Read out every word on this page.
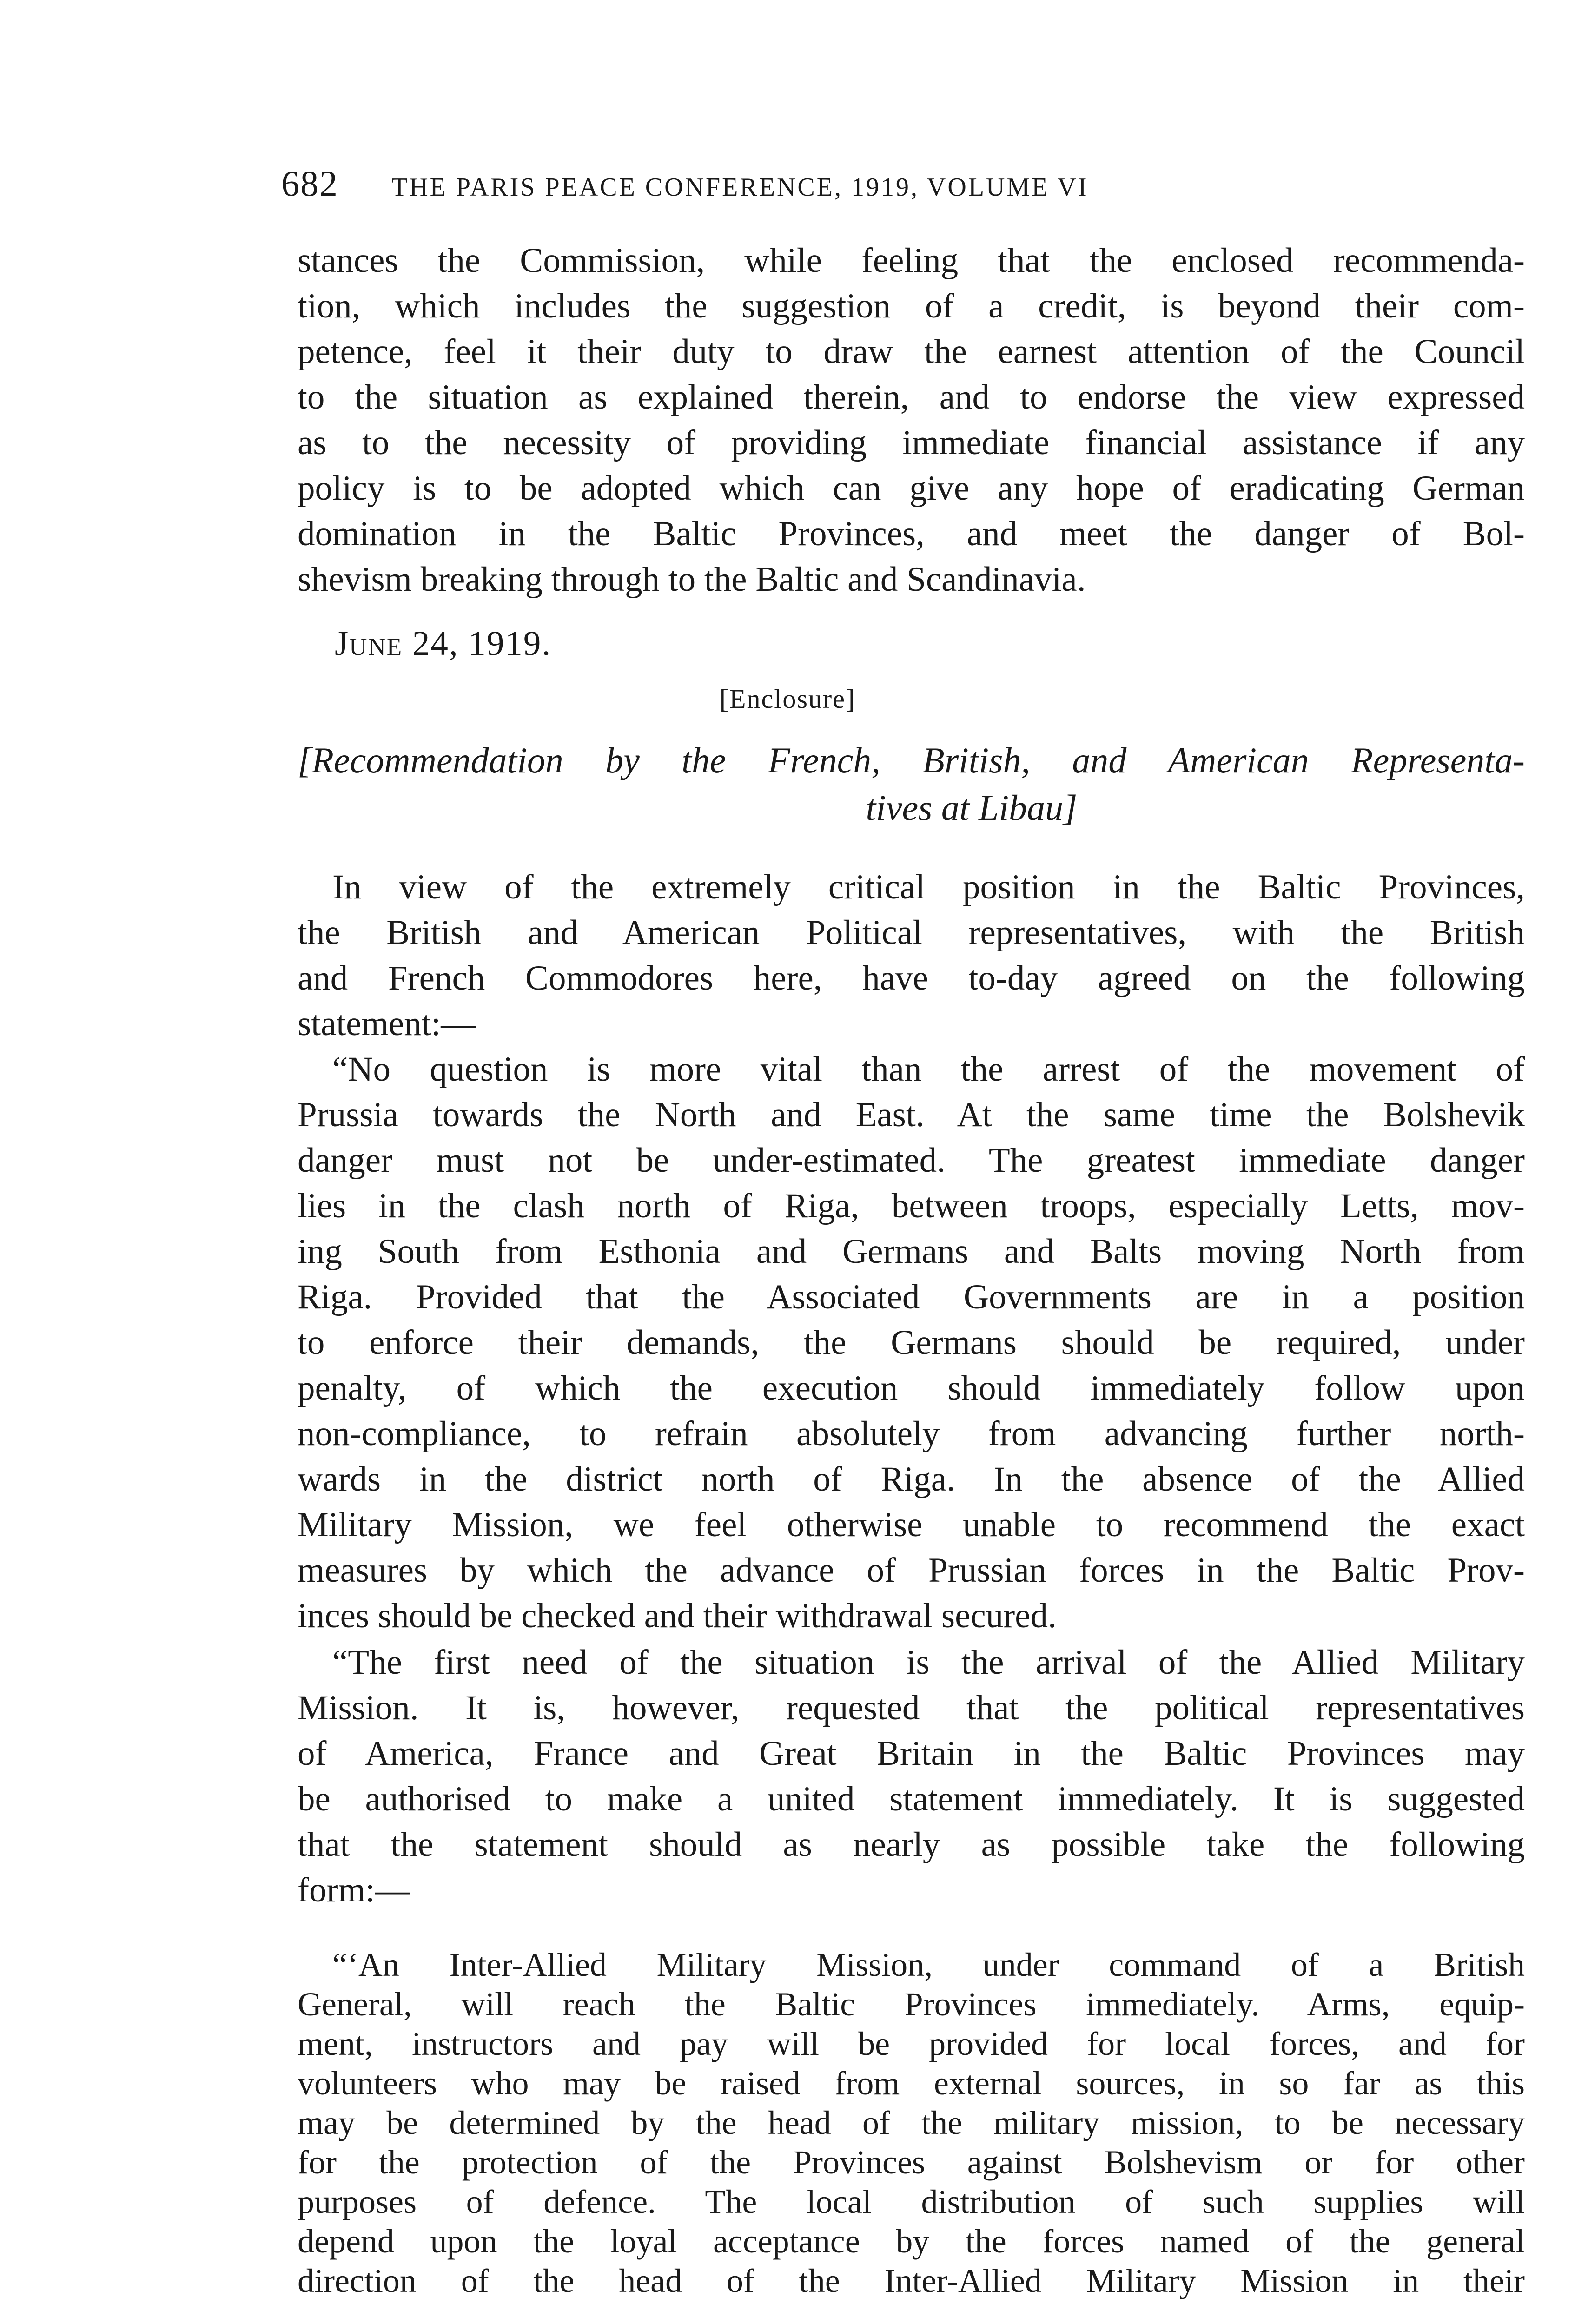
682 THE PARIS PEACE CONFERENCE, 1919, VOLUME VI
stances the Commission, while feeling that the enclosed recommenda-
tion, which includes the suggestion of a credit, is beyond their com-
petence, feel it their duty to draw the earnest attention of the Council
to the situation as explained therein, and to endorse the view expressed
as to the necessity of providing immediate financial assistance if any
policy is to be adopted which can give any hope of eradicating German
domination in the Baltic Provinces, and meet the danger of Bol-
shevism breaking through to the Baltic and Scandinavia.
June 24, 1919.
[Enclosure]
[Recommendation by the French, British, and American Representa-
tives at Libau]
In view of the extremely critical position in the Baltic Provinces,
the British and American Political representatives, with the British
and French Commodores here, have to-day agreed on the following
statement:—
“No question is more vital than the arrest of the movement of
Prussia towards the North and East. At the same time the Bolshevik
danger must not be under-estimated. The greatest immediate danger
lies in the clash north of Riga, between troops, especially Letts, mov-
ing South from Esthonia and Germans and Balts moving North from
Riga. Provided that the Associated Governments are in a position
to enforce their demands, the Germans should be required, under
penalty, of which the execution should immediately follow upon
non-compliance, to refrain absolutely from advancing further north-
wards in the district north of Riga. In the absence of the Allied
Military Mission, we feel otherwise unable to recommend the exact
measures by which the advance of Prussian forces in the Baltic Prov-
inces should be checked and their withdrawal secured.
“The first need of the situation is the arrival of the Allied Military
Mission. It is, however, requested that the political representatives
of America, France and Great Britain in the Baltic Provinces may
be authorised to make a united statement immediately. It is suggested
that the statement should as nearly as possible take the following
form:—
“‘An Inter-Allied Military Mission, under command of a British
General, will reach the Baltic Provinces immediately. Arms, equip-
ment, instructors and pay will be provided for local forces, and for
volunteers who may be raised from external sources, in so far as this
may be determined by the head of the military mission, to be necessary
for the protection of the Provinces against Bolshevism or for other
purposes of defence. The local distribution of such supplies will
depend upon the loyal acceptance by the forces named of the general
direction of the head of the Inter-Allied Military Mission in their
